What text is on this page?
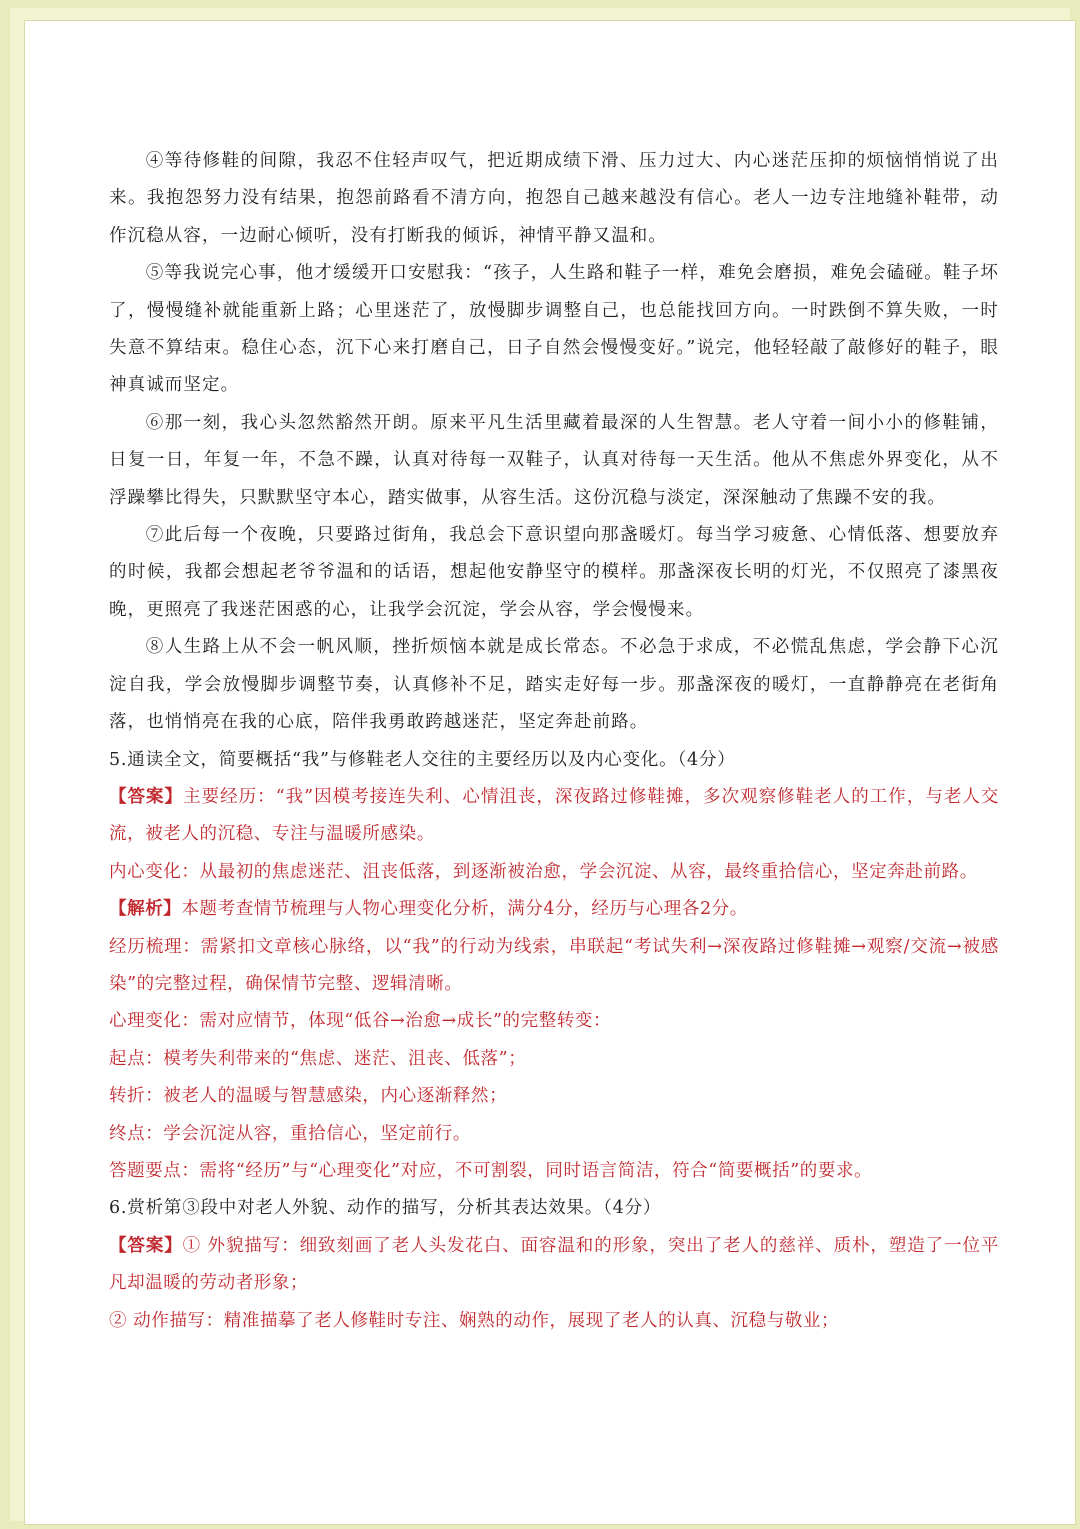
④等待修鞋的间隙，我忍不住轻声叹气，把近期成绩下滑、压力过大、内心迷茫压抑的烦恼悄悄说了出来。我抱怨努力没有结果，抱怨前路看不清方向，抱怨自己越来越没有信心。老人一边专注地缝补鞋带，动作沉稳从容，一边耐心倾听，没有打断我的倾诉，神情平静又温和。

⑤等我说完心事，他才缓缓开口安慰我：“孩子，人生路和鞋子一样，难免会磨损，难免会磕碰。鞋子坏了，慢慢缝补就能重新上路；心里迷茫了，放慢脚步调整自己，也总能找回方向。一时跌倒不算失败，一时失意不算结束。稳住心态，沉下心来打磨自己，日子自然会慢慢变好。”说完，他轻轻敲了敲修好的鞋子，眼神真诚而坚定。

⑥那一刻，我心头忽然豁然开朗。原来平凡生活里藏着最深的人生智慧。老人守着一间小小的修鞋铺，日复一日，年复一年，不急不躁，认真对待每一双鞋子，认真对待每一天生活。他从不焦虑外界变化，从不浮躁攀比得失，只默默坚守本心，踏实做事，从容生活。这份沉稳与淡定，深深触动了焦躁不安的我。

⑦此后每一个夜晚，只要路过街角，我总会下意识望向那盏暖灯。每当学习疲惫、心情低落、想要放弃的时候，我都会想起老爷爷温和的话语，想起他安静坚守的模样。那盏深夜长明的灯光，不仅照亮了漆黑夜晚，更照亮了我迷茫困惑的心，让我学会沉淀，学会从容，学会慢慢来。

⑧人生路上从不会一帆风顺，挫折烦恼本就是成长常态。不必急于求成，不必慌乱焦虑，学会静下心沉淀自我，学会放慢脚步调整节奏，认真修补不足，踏实走好每一步。那盏深夜的暖灯，一直静静亮在老街角落，也悄悄亮在我的心底，陪伴我勇敢跨越迷茫，坚定奔赴前路。

5.通读全文，简要概括“我”与修鞋老人交往的主要经历以及内心变化。（4分）

【答案】主要经历：“我”因模考接连失利、心情沮丧，深夜路过修鞋摊，多次观察修鞋老人的工作，与老人交流，被老人的沉稳、专注与温暖所感染。

内心变化：从最初的焦虑迷茫、沮丧低落，到逐渐被治愈，学会沉淀、从容，最终重拾信心，坚定奔赴前路。

【解析】本题考查情节梳理与人物心理变化分析，满分4分，经历与心理各2分。

经历梳理：需紧扣文章核心脉络，以“我”的行动为线索，串联起“考试失利→深夜路过修鞋摊→观察/交流→被感染”的完整过程，确保情节完整、逻辑清晰。

心理变化：需对应情节，体现“低谷→治愈→成长”的完整转变：

起点：模考失利带来的“焦虑、迷茫、沮丧、低落”；

转折：被老人的温暖与智慧感染，内心逐渐释然；

终点：学会沉淀从容，重拾信心，坚定前行。

答题要点：需将“经历”与“心理变化”对应，不可割裂，同时语言简洁，符合“简要概括”的要求。

6.赏析第③段中对老人外貌、动作的描写，分析其表达效果。（4分）

【答案】① 外貌描写：细致刻画了老人头发花白、面容温和的形象，突出了老人的慈祥、质朴，塑造了一位平凡却温暖的劳动者形象；

② 动作描写：精准描摹了老人修鞋时专注、娴熟的动作，展现了老人的认真、沉稳与敬业；
